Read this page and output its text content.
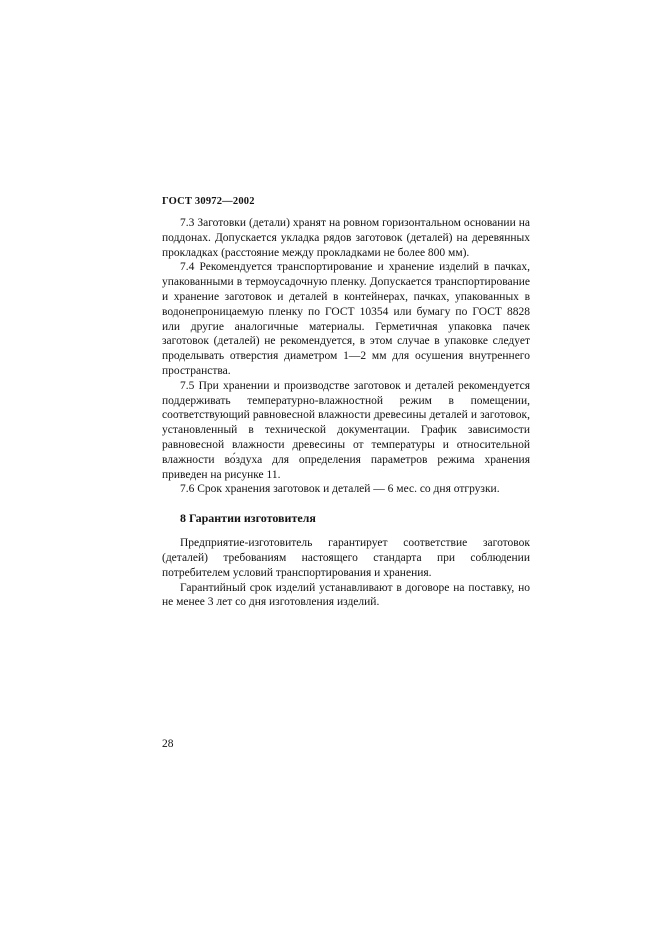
ГОСТ 30972—2002

7.3 Заготовки (детали) хранят на ровном горизонтальном основании на поддонах. Допускается укладка рядов заготовок (деталей) на деревянных прокладках (расстояние между прокладками не более 800 мм).

7.4 Рекомендуется транспортирование и хранение изделий в пачках, упакованными в термоусадочную пленку. Допускается транспортирование и хранение заготовок и деталей в контейнерах, пачках, упакованных в водонепроницаемую пленку по ГОСТ 10354 или бумагу по ГОСТ 8828 или другие аналогичные материалы. Герметичная упаковка пачек заготовок (деталей) не рекомендуется, в этом случае в упаковке следует проделывать отверстия диаметром 1—2 мм для осушения внутреннего пространства.

7.5 При хранении и производстве заготовок и деталей рекомендуется поддерживать температурно-влажностной режим в помещении, соответствующий равновесной влажности древесины деталей и заготовок, установленный в технической документации. График зависимости равновесной влажности древесины от температуры и относительной влажности во́здуха для определения параметров режима хранения приведен на рисунке 11.

7.6 Срок хранения заготовок и деталей — 6 мес. со дня отгрузки.

8 Гарантии изготовителя

Предприятие-изготовитель гарантирует соответствие заготовок (деталей) требованиям настоящего стандарта при соблюдении потребителем условий транспортирования и хранения.

Гарантийный срок изделий устанавливают в договоре на поставку, но не менее 3 лет со дня изготовления изделий.

28
